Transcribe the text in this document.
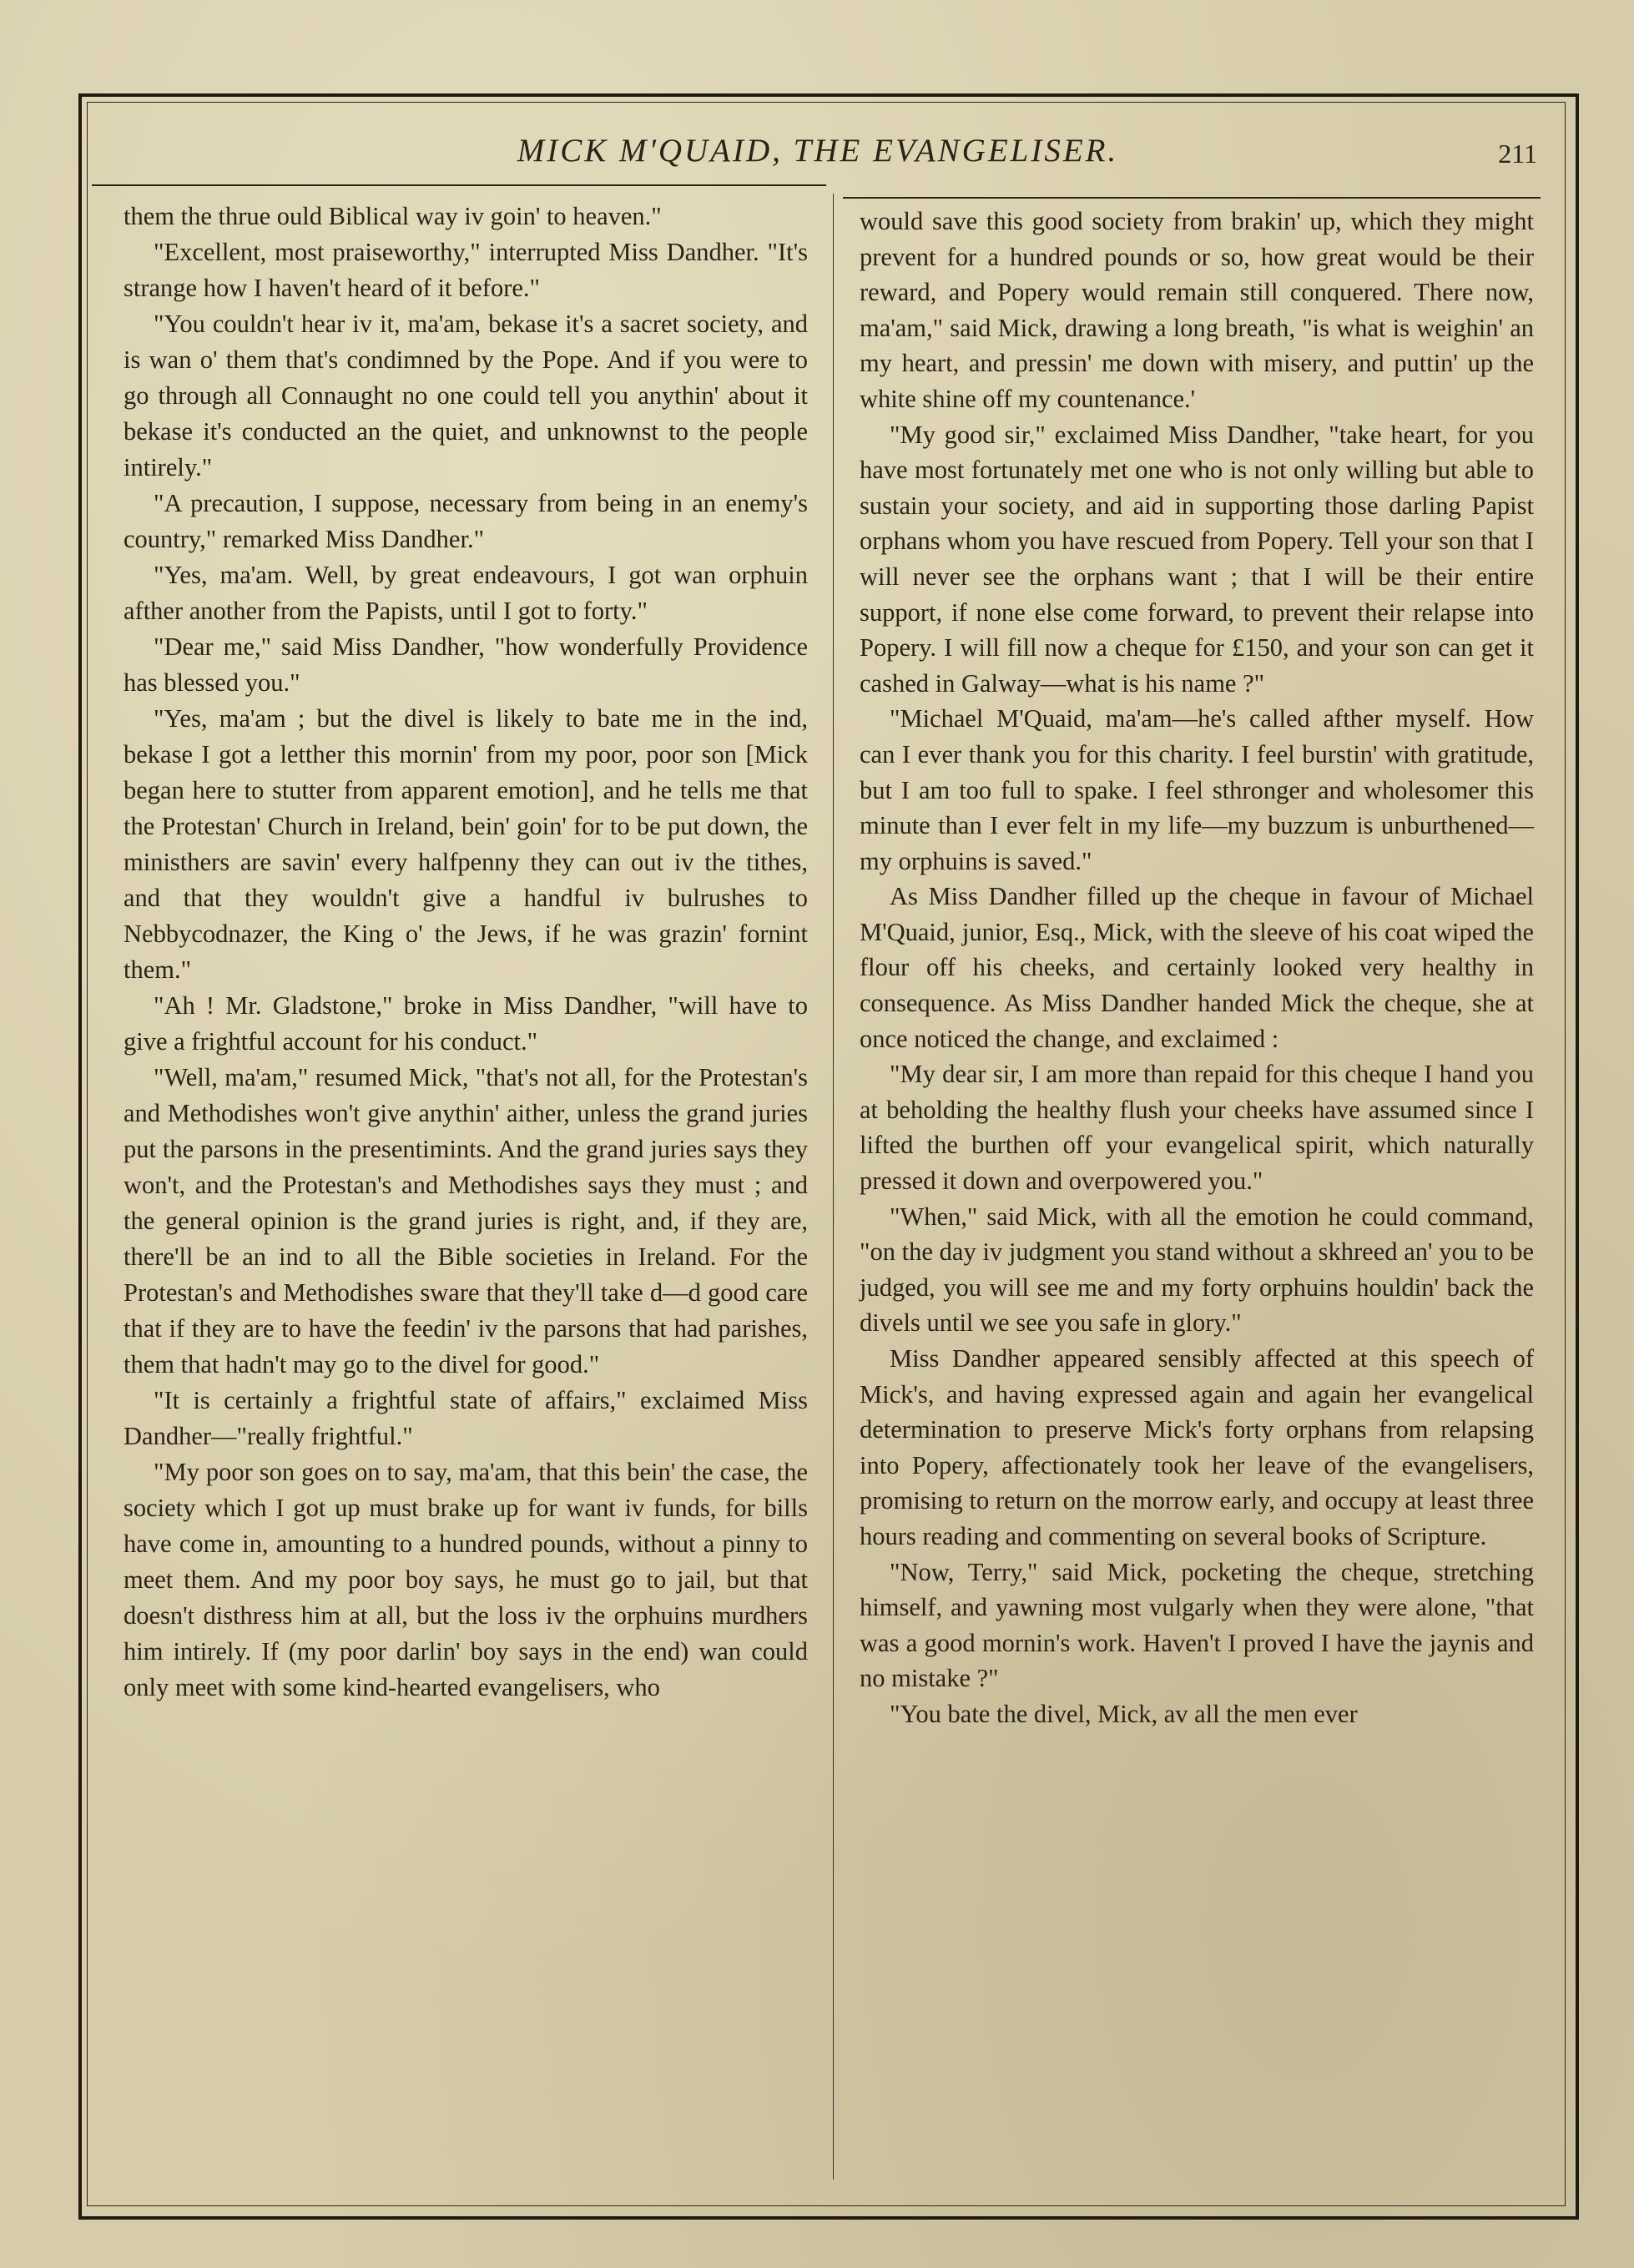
MICK M'QUAID, THE EVANGELISER.	211

them the thrue ould Biblical way iv goin' to heaven."

"Excellent, most praiseworthy," interrupted Miss Dandher. "It's strange how I haven't heard of it before."

"You couldn't hear iv it, ma'am, bekase it's a sacret society, and is wan o' them that's condimned by the Pope. And if you were to go through all Connaught no one could tell you anythin' about it bekase it's conducted an the quiet, and unknownst to the people intirely."

"A precaution, I suppose, necessary from being in an enemy's country," remarked Miss Dandher."

"Yes, ma'am. Well, by great endeavours, I got wan orphuin afther another from the Papists, until I got to forty."

"Dear me," said Miss Dandher, "how wonderfully Providence has blessed you."

"Yes, ma'am ; but the divel is likely to bate me in the ind, bekase I got a letther this mornin' from my poor, poor son [Mick began here to stutter from apparent emotion], and he tells me that the Protestan' Church in Ireland, bein' goin' for to be put down, the ministhers are savin' every halfpenny they can out iv the tithes, and that they wouldn't give a handful iv bulrushes to Nebbycodnazer, the King o' the Jews, if he was grazin' fornint them."

"Ah ! Mr. Gladstone," broke in Miss Dandher, "will have to give a frightful account for his conduct."

"Well, ma'am," resumed Mick, "that's not all, for the Protestan's and Methodishes won't give anythin' aither, unless the grand juries put the parsons in the presentimints. And the grand juries says they won't, and the Protestan's and Methodishes says they must ; and the general opinion is the grand juries is right, and, if they are, there'll be an ind to all the Bible societies in Ireland. For the Protestan's and Methodishes sware that they'll take d—d good care that if they are to have the feedin' iv the parsons that had parishes, them that hadn't may go to the divel for good."

"It is certainly a frightful state of affairs," exclaimed Miss Dandher—"really frightful."

"My poor son goes on to say, ma'am, that this bein' the case, the society which I got up must brake up for want iv funds, for bills have come in, amounting to a hundred pounds, without a pinny to meet them. And my poor boy says, he must go to jail, but that doesn't disthress him at all, but the loss iv the orphuins murdhers him intirely. If (my poor darlin' boy says in the end) wan could only meet with some kind-hearted evangelisers, who

would save this good society from brakin' up, which they might prevent for a hundred pounds or so, how great would be their reward, and Popery would remain still conquered. There now, ma'am," said Mick, drawing a long breath, "is what is weighin' an my heart, and pressin' me down with misery, and puttin' up the white shine off my countenance.'

"My good sir," exclaimed Miss Dandher, "take heart, for you have most fortunately met one who is not only willing but able to sustain your society, and aid in supporting those darling Papist orphans whom you have rescued from Popery. Tell your son that I will never see the orphans want ; that I will be their entire support, if none else come forward, to prevent their relapse into Popery. I will fill now a cheque for £150, and your son can get it cashed in Galway—what is his name ?"

"Michael M'Quaid, ma'am—he's called afther myself. How can I ever thank you for this charity. I feel burstin' with gratitude, but I am too full to spake. I feel sthronger and wholesomer this minute than I ever felt in my life—my buzzum is unburthened—my orphuins is saved."

As Miss Dandher filled up the cheque in favour of Michael M'Quaid, junior, Esq., Mick, with the sleeve of his coat wiped the flour off his cheeks, and certainly looked very healthy in consequence. As Miss Dandher handed Mick the cheque, she at once noticed the change, and exclaimed :

"My dear sir, I am more than repaid for this cheque I hand you at beholding the healthy flush your cheeks have assumed since I lifted the burthen off your evangelical spirit, which naturally pressed it down and overpowered you."

"When," said Mick, with all the emotion he could command, "on the day iv judgment you stand without a skhreed an' you to be judged, you will see me and my forty orphuins houldin' back the divels until we see you safe in glory."

Miss Dandher appeared sensibly affected at this speech of Mick's, and having expressed again and again her evangelical determination to preserve Mick's forty orphans from relapsing into Popery, affectionately took her leave of the evangelisers, promising to return on the morrow early, and occupy at least three hours reading and commenting on several books of Scripture.

"Now, Terry," said Mick, pocketing the cheque, stretching himself, and yawning most vulgarly when they were alone, "that was a good mornin's work. Haven't I proved I have the jaynis and no mistake ?"

"You bate the divel, Mick, av all the men ever
